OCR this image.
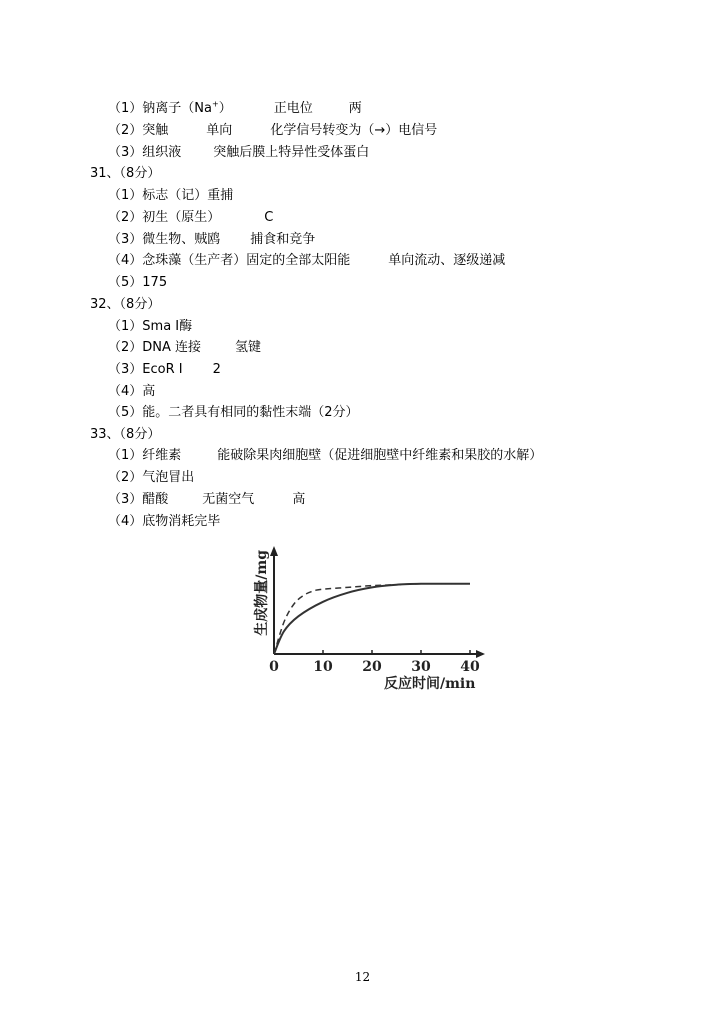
（1）钠离子（Na+）	正电位	两
（2）突触	单向	化学信号转变为（→）电信号
（3）组织液 突触后膜上特异性受体蛋白
31、（8分）
（1）标志（记）重捕
（2）初生（原生）	C
（3）微生物、贼鸥 捕食和竞争
（4）念珠藻（生产者）固定的全部太阳能	单向流动、逐级递减
（5）175
32、（8分）
（1）Sma Ⅰ酶
（2）DNA 连接	氢键
（3）EcoR Ⅰ 2
（4）高
（5）能。二者具有相同的黏性末端（2分）
33、（8分）
（1）纤维素	能破除果肉细胞壁（促进细胞壁中纤维素和果胶的水解）
（2）气泡冒出
（3）醋酸	无菌空气	高
（4）底物消耗完毕
0 10 20 30 40
生成物量/mg
反应时间/min
12
